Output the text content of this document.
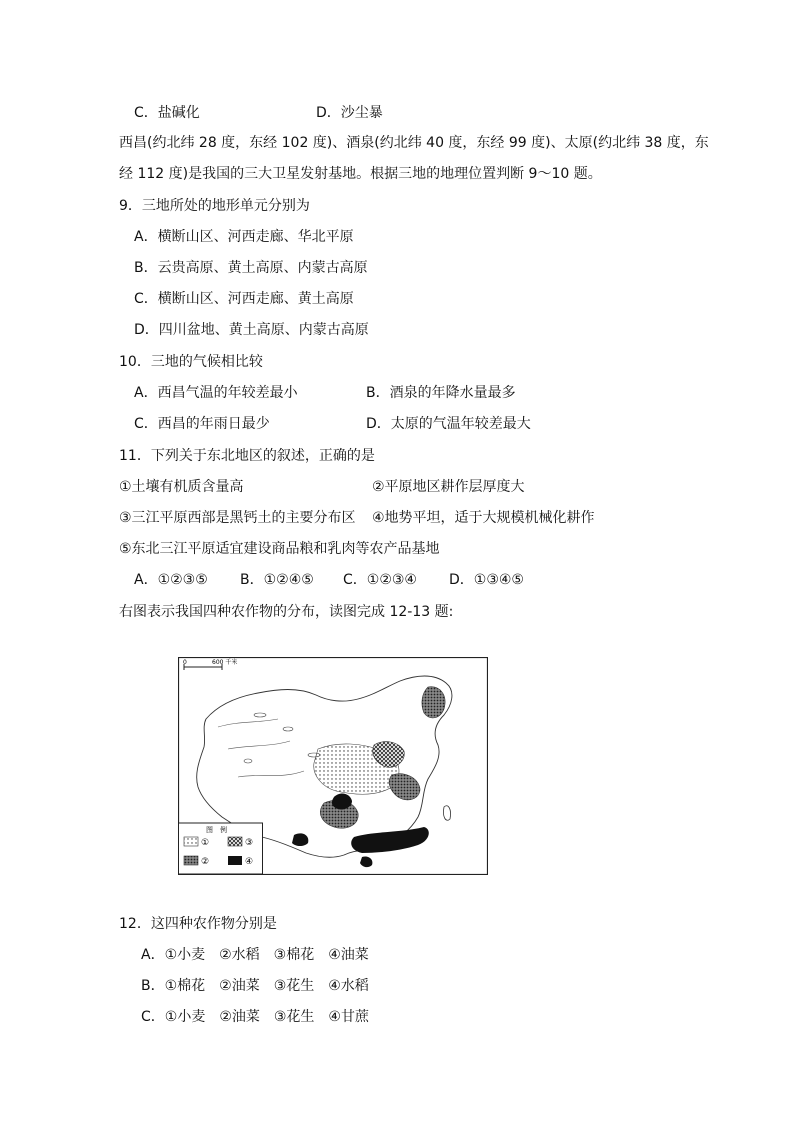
C．盐碱化	D．沙尘暴
西昌(约北纬 28 度，东经 102 度)、酒泉(约北纬 40 度，东经 99 度)、太原(约北纬 38 度，东
经 112 度)是我国的三大卫星发射基地。根据三地的地理位置判断 9～10 题。
9．三地所处的地形单元分别为
A．横断山区、河西走廊、华北平原
B．云贵高原、黄土高原、内蒙古高原
C．横断山区、河西走廊、黄土高原
D．四川盆地、黄土高原、内蒙古高原
10．三地的气候相比较
A．西昌气温的年较差最小	B．酒泉的年降水量最多
C．西昌的年雨日最少	D．太原的气温年较差最大
11．下列关于东北地区的叙述，正确的是
①土壤有机质含量高	②平原地区耕作层厚度大
③三江平原西部是黑钙土的主要分布区 ④地势平坦，适于大规模机械化耕作
⑤东北三江平原适宜建设商品粮和乳肉等农产品基地
A．①②③⑤ B．①②④⑤ C．①②③④ D．①③④⑤
右图表示我国四种农作物的分布，读图完成 12-13 题:
0	600 千米
图　例
①	③
②	④
12．这四种农作物分别是
A．①小麦　②水稻　③棉花　④油菜
B．①棉花　②油菜　③花生　④水稻
C．①小麦　②油菜　③花生　④甘蔗
